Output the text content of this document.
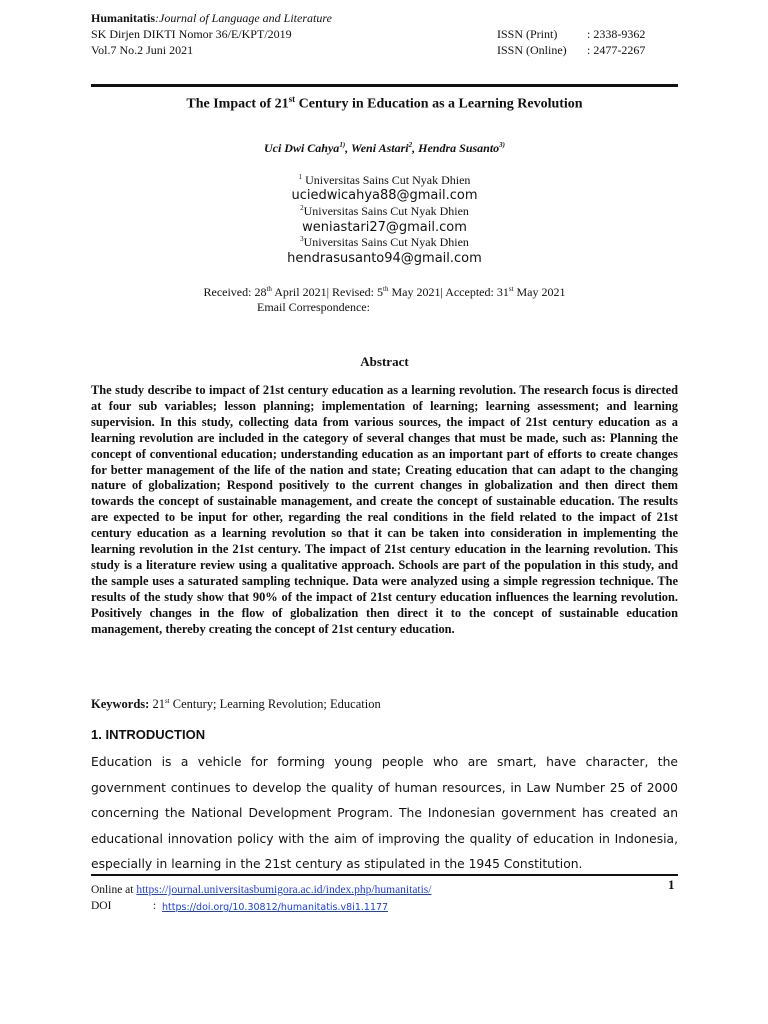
Humanitatis:Journal of Language and Literature
SK Dirjen DIKTI Nomor 36/E/KPT/2019
Vol.7 No.2 Juni 2021
ISSN (Print) : 2338-9362
ISSN (Online) : 2477-2267
The Impact of 21st Century in Education as a Learning Revolution
Uci Dwi Cahya$^{1)}$, Weni Astari$^2$, Hendra Susanto$^{3)}$
$^1$ Universitas Sains Cut Nyak Dhien
uciedwicahya88@gmail.com
$^2$Universitas Sains Cut Nyak Dhien
weniastari27@gmail.com
$^3$Universitas Sains Cut Nyak Dhien
hendrasusanto94@gmail.com
Received: 28th April 2021| Revised: 5th May 2021| Accepted: 31st May 2021
Email Correspondence:
Abstract
The study describe to impact of 21st century education as a learning revolution. The research focus is directed at four sub variables; lesson planning; implementation of learning; learning assessment; and learning supervision. In this study, collecting data from various sources, the impact of 21st century education as a learning revolution are included in the category of several changes that must be made, such as: Planning the concept of conventional education; understanding education as an important part of efforts to create changes for better management of the life of the nation and state; Creating education that can adapt to the changing nature of globalization; Respond positively to the current changes in globalization and then direct them towards the concept of sustainable management, and create the concept of sustainable education. The results are expected to be input for other, regarding the real conditions in the field related to the impact of 21st century education as a learning revolution so that it can be taken into consideration in implementing the learning revolution in the 21st century. The impact of 21st century education in the learning revolution. This study is a literature review using a qualitative approach. Schools are part of the population in this study, and the sample uses a saturated sampling technique. Data were analyzed using a simple regression technique. The results of the study show that 90% of the impact of 21st century education influences the learning revolution. Positively changes in the flow of globalization then direct it to the concept of sustainable education management, thereby creating the concept of 21st century education.
Keywords: 21st Century; Learning Revolution; Education
1. INTRODUCTION
Education is a vehicle for forming young people who are smart, have character, the government continues to develop the quality of human resources, in Law Number 25 of 2000 concerning the National Development Program. The Indonesian government has created an educational innovation policy with the aim of improving the quality of education in Indonesia, especially in learning in the 21st century as stipulated in the 1945 Constitution.
1
Online at https://journal.universitasbumigora.ac.id/index.php/humanitatis/
DOI	: https://doi.org/10.30812/humanitatis.v8i1.1177
